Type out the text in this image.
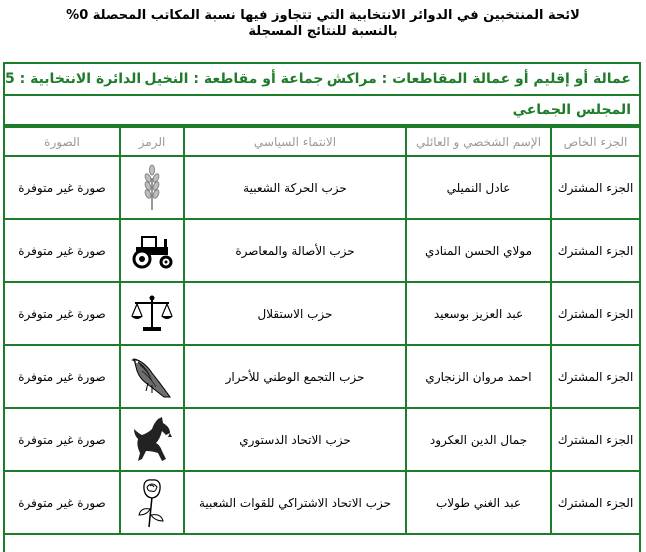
لائحة المنتخبين في الدوائر الانتخابية التي تتجاوز فيها نسبة المكاتب المحصلة 0%
بالنسبة للنتائج المسجلة
عمالة أو إقليم أو عمالة المقاطعات : مراكش
جماعة أو مقاطعة : النخيل
الدائرة الانتخابية : 5
المجلس الجماعي
الجزء الخاص	الإسم الشخصي و العائلي	الانتماء السياسي	الرمز	الصورة
الجزء المشترك	عادل النميلي	حزب الحركة الشعبية		صورة غير متوفرة
الجزء المشترك	مولاي الحسن المنادي	حزب الأصالة والمعاصرة		صورة غير متوفرة
الجزء المشترك	عبد العزيز بوسعيد	حزب الاستقلال		صورة غير متوفرة
الجزء المشترك	احمد مروان الزنجاري	حزب التجمع الوطني للأحرار		صورة غير متوفرة
الجزء المشترك	جمال الدين العكرود	حزب الاتحاد الدستوري		صورة غير متوفرة
الجزء المشترك	عبد الغني طولاب	حزب الاتحاد الاشتراكي للقوات الشعبية		صورة غير متوفرة
